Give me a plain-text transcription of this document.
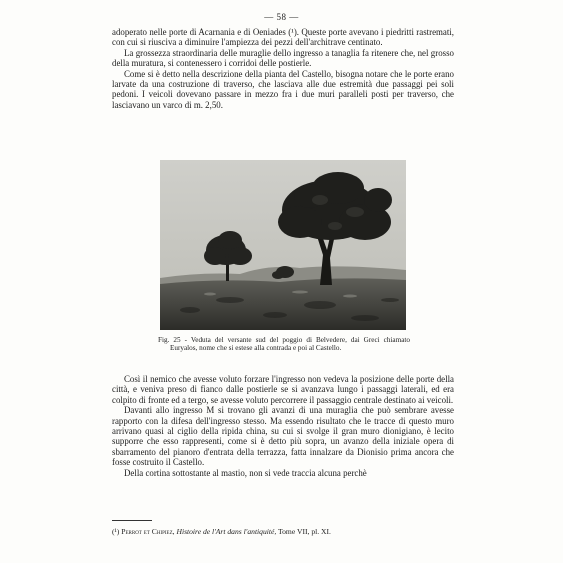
— 58 —

adoperato nelle porte di Acarnania e di Oeniades (¹). Queste porte avevano i piedritti rastremati, con cui si riusciva a diminuire l'ampiezza dei pezzi dell'architrave centinato.

La grossezza straordinaria delle muraglie dello ingresso a tanaglia fa ritenere che, nel grosso della muratura, si contenessero i corridoi delle postierle.

Come si è detto nella descrizione della pianta del Castello, bisogna notare che le porte erano larvate da una costruzione di traverso, che lasciava alle due estremità due passaggi pei soli pedoni. I veicoli dovevano passare in mezzo fra i due muri paralleli posti per traverso, che lasciavano un varco di m. 2,50.

Fig. 25 - Veduta del versante sud del poggio di Belvedere, dai Greci chiamato Euryalos, nome che si estese alla contrada e poi al Castello.

Così il nemico che avesse voluto forzare l'ingresso non vedeva la posizione delle porte della città, e veniva preso di fianco dalle postierle se si avanzava lungo i passaggi laterali, ed era colpito di fronte ed a tergo, se avesse voluto percorrere il passaggio centrale destinato ai veicoli.

Davanti allo ingresso M si trovano gli avanzi di una muraglia che può sembrare avesse rapporto con la difesa dell'ingresso stesso. Ma essendo risultato che le tracce di questo muro arrivano quasi al ciglio della ripida china, su cui si svolge il gran muro dionigiano, è lecito supporre che esso rappresenti, come si è detto più sopra, un avanzo della iniziale opera di sbarramento del pianoro d'entrata della terrazza, fatta innalzare da Dionisio prima ancora che fosse costruito il Castello.

Della cortina sottostante al mastio, non si vede traccia alcuna perchè

(¹) Perrot et Chipiez, Histoire de l'Art dans l'antiquité, Tome VII, pl. XI.
